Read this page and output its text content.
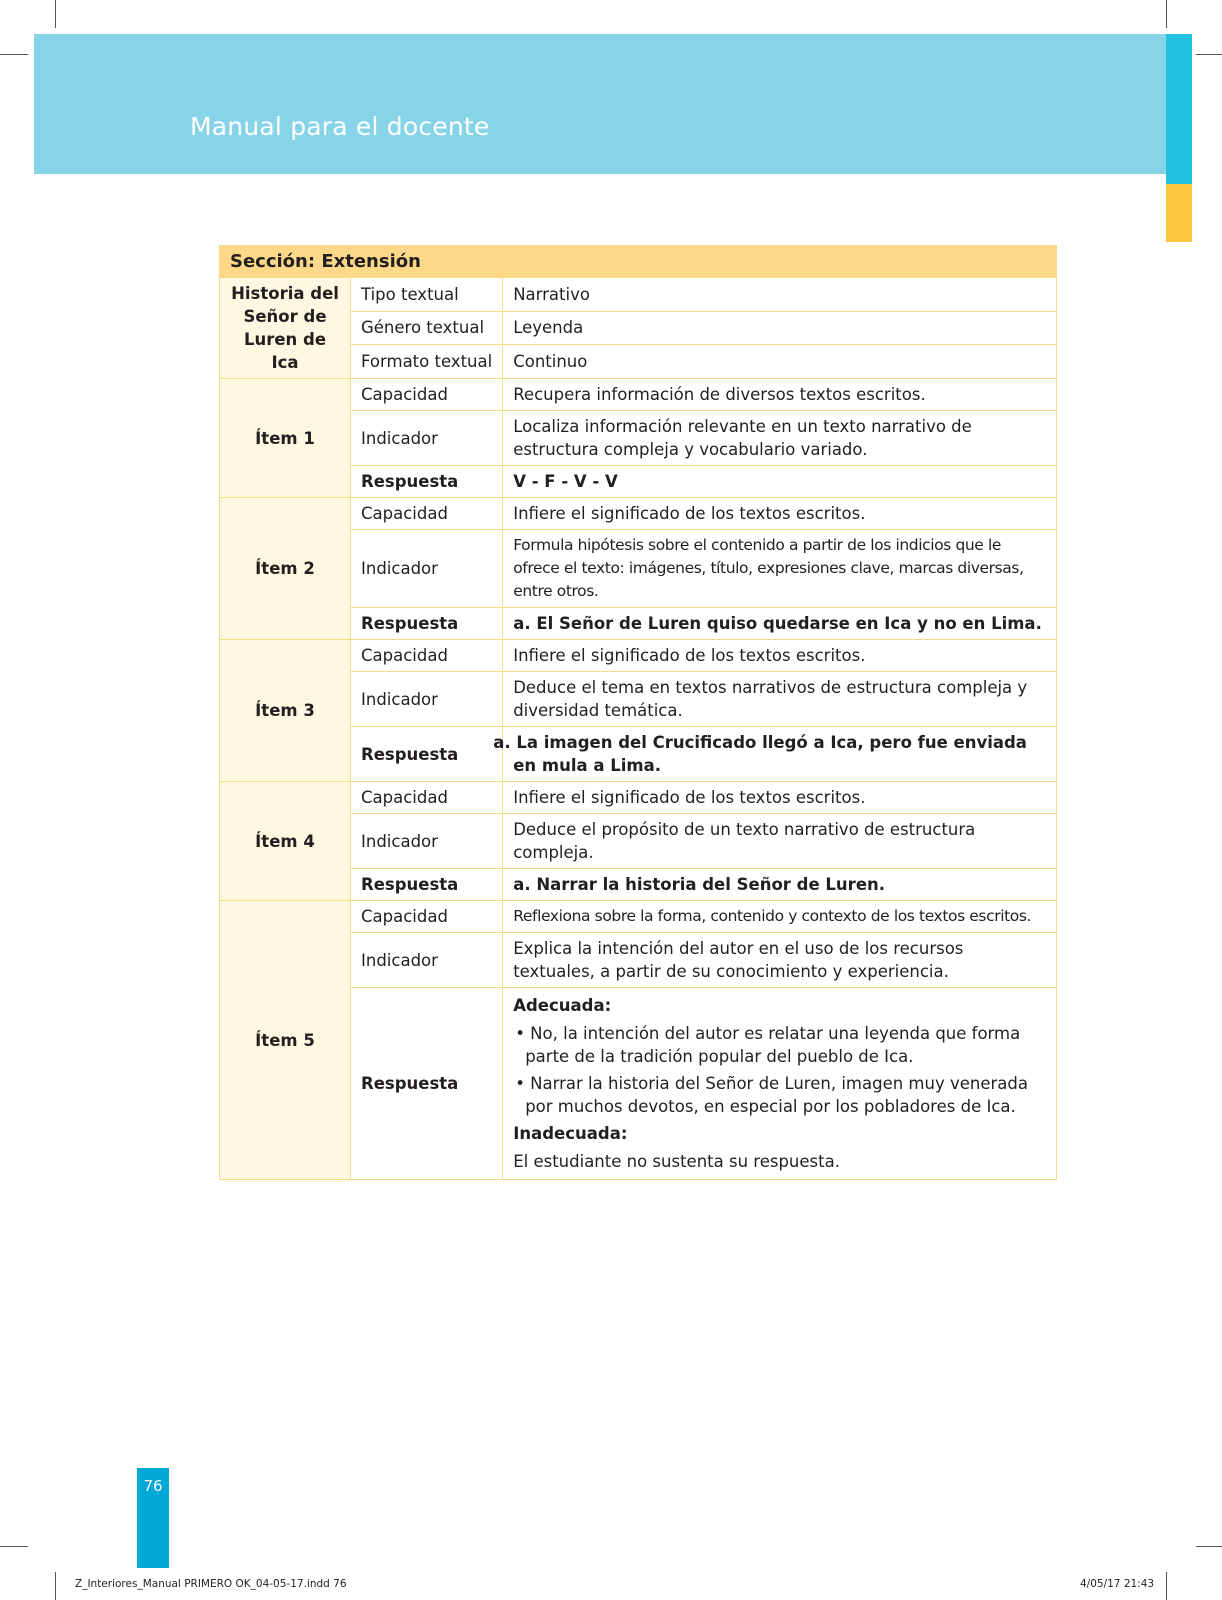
Manual para el docente
Sección: Extensión		
Historia del Señor de Luren de Ica	Tipo textual	Narrativo
	Género textual	Leyenda
	Formato textual	Continuo
Ítem 1	Capacidad	Recupera información de diversos textos escritos.
	Indicador	Localiza información relevante en un texto narrativo de estructura compleja y vocabulario variado.
	Respuesta	V - F - V - V
Ítem 2	Capacidad	Infiere el significado de los textos escritos.
	Indicador	Formula hipótesis sobre el contenido a partir de los indicios que le ofrece el texto: imágenes, título, expresiones clave, marcas diversas, entre otros.
	Respuesta	a. El Señor de Luren quiso quedarse en Ica y no en Lima.
Ítem 3	Capacidad	Infiere el significado de los textos escritos.
	Indicador	Deduce el tema en textos narrativos de estructura compleja y diversidad temática.
	Respuesta	a. La imagen del Crucificado llegó a Ica, pero fue enviada en mula a Lima.
Ítem 4	Capacidad	Infiere el significado de los textos escritos.
	Indicador	Deduce el propósito de un texto narrativo de estructura compleja.
	Respuesta	a. Narrar la historia del Señor de Luren.
Ítem 5	Capacidad	Reflexiona sobre la forma, contenido y contexto de los textos escritos.
	Indicador	Explica la intención del autor en el uso de los recursos textuales, a partir de su conocimiento y experiencia.
	Respuesta	Adecuada:
• No, la intención del autor es relatar una leyenda que forma parte de la tradición popular del pueblo de Ica.
• Narrar la historia del Señor de Luren, imagen muy venerada por muchos devotos, en especial por los pobladores de Ica.
Inadecuada:
El estudiante no sustenta su respuesta.
76
Z_Interiores_Manual PRIMERO OK_04-05-17.indd 76	4/05/17 21:43
